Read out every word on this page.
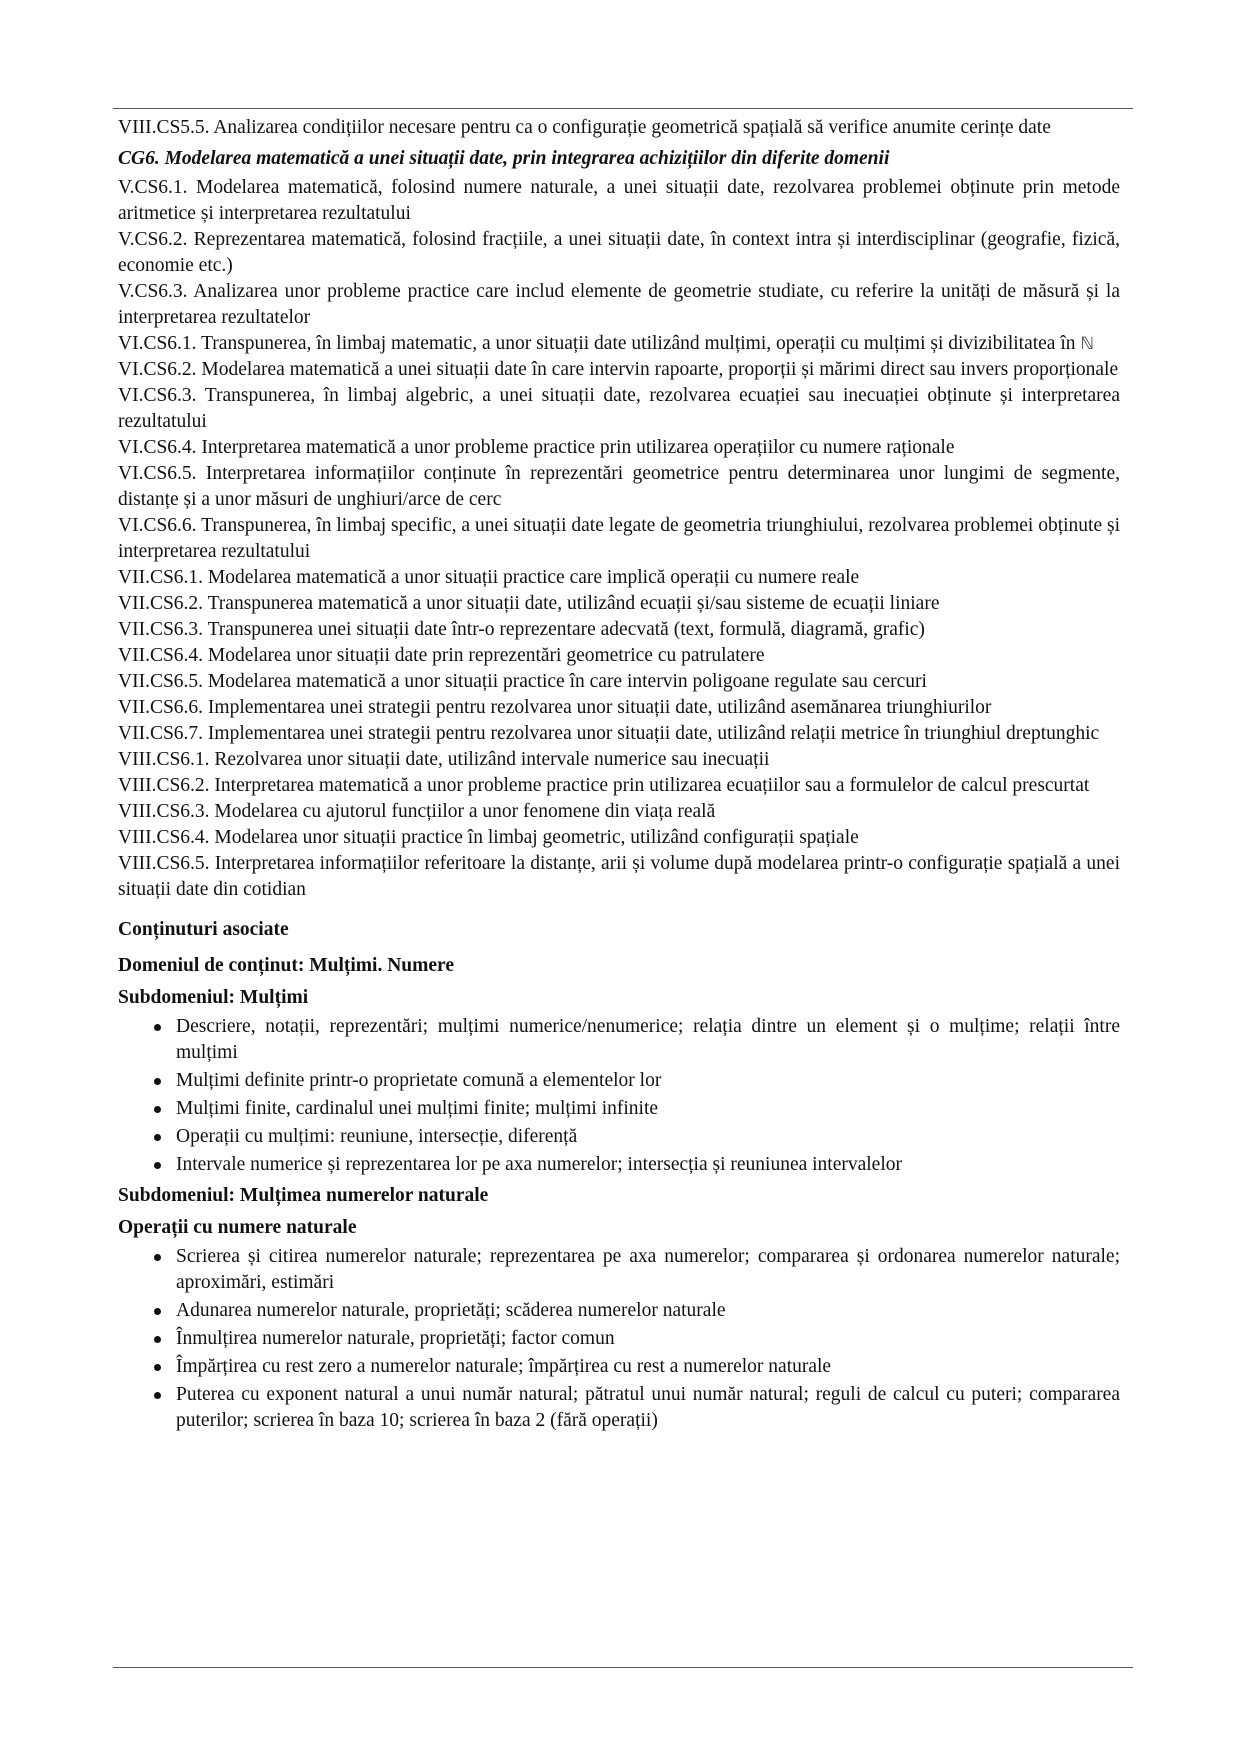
VIII.CS5.5. Analizarea condițiilor necesare pentru ca o configurație geometrică spațială să verifice anumite cerințe date

CG6. Modelarea matematică a unei situații date, prin integrarea achizițiilor din diferite domenii

V.CS6.1. Modelarea matematică, folosind numere naturale, a unei situații date, rezolvarea problemei obținute prin metode aritmetice și interpretarea rezultatului

V.CS6.2. Reprezentarea matematică, folosind fracțiile, a unei situații date, în context intra și interdisciplinar (geografie, fizică, economie etc.)

V.CS6.3. Analizarea unor probleme practice care includ elemente de geometrie studiate, cu referire la unități de măsură și la interpretarea rezultatelor

VI.CS6.1. Transpunerea, în limbaj matematic, a unor situații date utilizând mulțimi, operații cu mulțimi și divizibilitatea în ℕ

VI.CS6.2. Modelarea matematică a unei situații date în care intervin rapoarte, proporții și mărimi direct sau invers proporționale

VI.CS6.3. Transpunerea, în limbaj algebric, a unei situații date, rezolvarea ecuației sau inecuației obținute și interpretarea rezultatului

VI.CS6.4. Interpretarea matematică a unor probleme practice prin utilizarea operațiilor cu numere raționale

VI.CS6.5. Interpretarea informațiilor conținute în reprezentări geometrice pentru determinarea unor lungimi de segmente, distanțe și a unor măsuri de unghiuri/arce de cerc

VI.CS6.6. Transpunerea, în limbaj specific, a unei situații date legate de geometria triunghiului, rezolvarea problemei obținute și interpretarea rezultatului

VII.CS6.1. Modelarea matematică a unor situații practice care implică operații cu numere reale

VII.CS6.2. Transpunerea matematică a unor situații date, utilizând ecuații și/sau sisteme de ecuații liniare

VII.CS6.3. Transpunerea unei situații date într-o reprezentare adecvată (text, formulă, diagramă, grafic)

VII.CS6.4. Modelarea unor situații date prin reprezentări geometrice cu patrulatere

VII.CS6.5. Modelarea matematică a unor situații practice în care intervin poligoane regulate sau cercuri

VII.CS6.6. Implementarea unei strategii pentru rezolvarea unor situații date, utilizând asemănarea triunghiurilor

VII.CS6.7. Implementarea unei strategii pentru rezolvarea unor situații date, utilizând relații metrice în triunghiul dreptunghic

VIII.CS6.1. Rezolvarea unor situații date, utilizând intervale numerice sau inecuații

VIII.CS6.2. Interpretarea matematică a unor probleme practice prin utilizarea ecuațiilor sau a formulelor de calcul prescurtat

VIII.CS6.3. Modelarea cu ajutorul funcțiilor a unor fenomene din viața reală

VIII.CS6.4. Modelarea unor situații practice în limbaj geometric, utilizând configurații spațiale

VIII.CS6.5. Interpretarea informațiilor referitoare la distanțe, arii și volume după modelarea printr-o configurație spațială a unei situații date din cotidian

Conținuturi asociate

Domeniul de conținut: Mulțimi. Numere

Subdomeniul: Mulțimi

Descriere, notații, reprezentări; mulțimi numerice/nenumerice; relația dintre un element și o mulțime; relații între mulțimi
Mulțimi definite printr-o proprietate comună a elementelor lor
Mulțimi finite, cardinalul unei mulțimi finite; mulțimi infinite
Operații cu mulțimi: reuniune, intersecție, diferență
Intervale numerice și reprezentarea lor pe axa numerelor; intersecția și reuniunea intervalelor

Subdomeniul: Mulțimea numerelor naturale

Operații cu numere naturale

Scrierea și citirea numerelor naturale; reprezentarea pe axa numerelor; compararea și ordonarea numerelor naturale; aproximări, estimări
Adunarea numerelor naturale, proprietăți; scăderea numerelor naturale
Înmulțirea numerelor naturale, proprietăți; factor comun
Împărțirea cu rest zero a numerelor naturale; împărțirea cu rest a numerelor naturale
Puterea cu exponent natural a unui număr natural; pătratul unui număr natural; reguli de calcul cu puteri; compararea puterilor; scrierea în baza 10; scrierea în baza 2 (fără operații)
